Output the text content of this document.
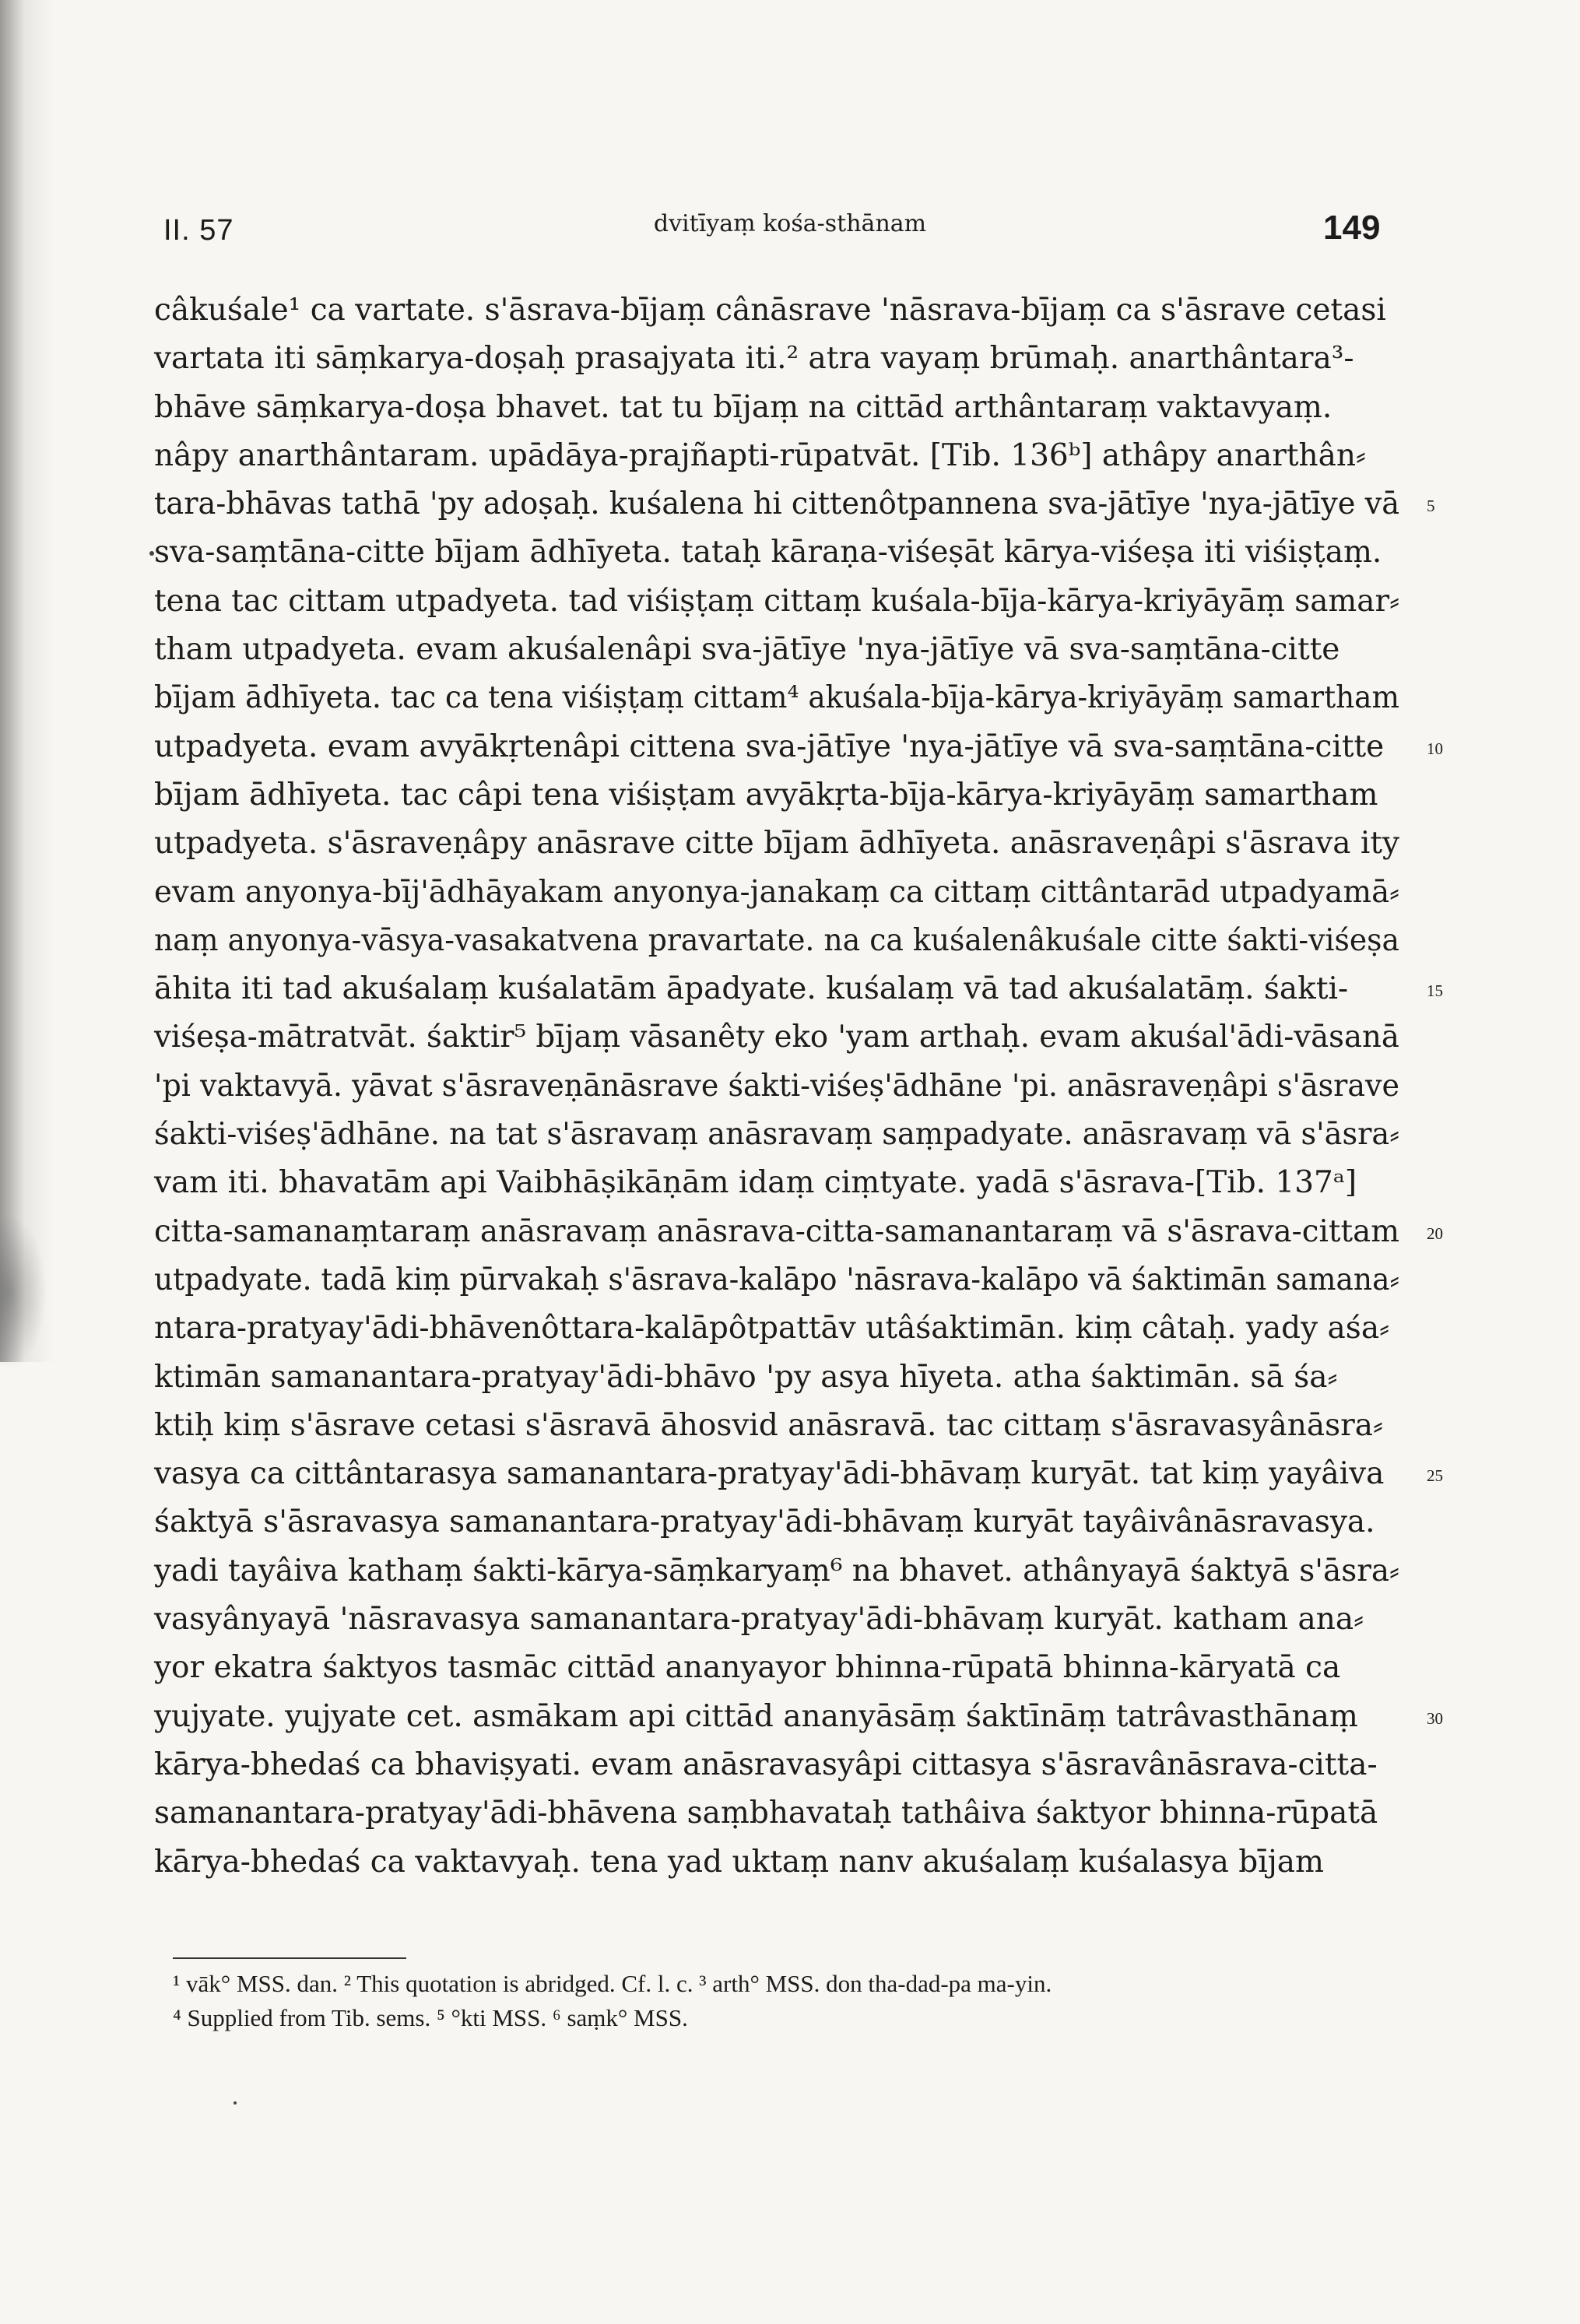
II. 57	dvitīyaṃ kośa-sthānam	149
câkuśale¹ ca vartate. s'āsrava-bījaṃ cânāsrave 'nāsrava-bījaṃ ca s'āsrave cetasi
vartata iti sāṃkarya-doṣaḥ prasajyata iti.² atra vayaṃ brūmaḥ. anarthântara³-
bhāve sāṃkarya-doṣa bhavet. tat tu bījaṃ na cittād arthântaraṃ vaktavyaṃ.
nâpy anarthântaram. upādāya-prajñapti-rūpatvāt. [Tib. 136ᵇ] athâpy anarthân⸗
tara-bhāvas tathā 'py adoṣaḥ. kuśalena hi cittenôtpannena sva-jātīye 'nya-jātīye vā 5
sva-saṃtāna-citte bījam ādhīyeta. tataḥ kāraṇa-viśeṣāt kārya-viśeṣa iti viśiṣṭaṃ.
tena tac cittam utpadyeta. tad viśiṣṭaṃ cittaṃ kuśala-bīja-kārya-kriyāyāṃ samar⸗
tham utpadyeta. evam akuśalenâpi sva-jātīye 'nya-jātīye vā sva-saṃtāna-citte
bījam ādhīyeta. tac ca tena viśiṣṭaṃ cittam⁴ akuśala-bīja-kārya-kriyāyāṃ samartham
utpadyeta. evam avyākṛtenâpi cittena sva-jātīye 'nya-jātīye vā sva-saṃtāna-citte	10
bījam ādhīyeta. tac câpi tena viśiṣṭam avyākṛta-bīja-kārya-kriyāyāṃ samartham
utpadyeta. s'āsraveṇâpy anāsrave citte bījam ādhīyeta. anāsraveṇâpi s'āsrava ity
evam anyonya-bīj'ādhāyakam anyonya-janakaṃ ca cittaṃ cittântarād utpadyamā⸗
naṃ anyonya-vāsya-vasakatvena pravartate. na ca kuśalenâkuśale citte śakti-viśeṣa
āhita iti tad akuśalaṃ kuśalatām āpadyate. kuśalaṃ vā tad akuśalatāṃ. śakti-	15
viśeṣa-mātratvāt. śaktir⁵ bījaṃ vāsanêty eko 'yam arthaḥ. evam akuśal'ādi-vāsanā
'pi vaktavyā. yāvat s'āsraveṇānāsrave śakti-viśeṣ'ādhāne 'pi. anāsraveṇâpi s'āsrave
śakti-viśeṣ'ādhāne. na tat s'āsravaṃ anāsravaṃ saṃpadyate. anāsravaṃ vā s'āsra⸗
vam iti. bhavatām api Vaibhāṣikāṇām idaṃ ciṃtyate. yadā s'āsrava-[Tib. 137ᵃ]
citta-samanaṃtaraṃ anāsravaṃ anāsrava-citta-samanantaraṃ vā s'āsrava-cittam 20
utpadyate. tadā kiṃ pūrvakaḥ s'āsrava-kalāpo 'nāsrava-kalāpo vā śaktimān samana⸗
ntara-pratyay'ādi-bhāvenôttara-kalāpôtpattāv utâśaktimān. kiṃ câtaḥ. yady aśa⸗
ktimān samanantara-pratyay'ādi-bhāvo 'py asya hīyeta. atha śaktimān. sā śa⸗
ktiḥ kiṃ s'āsrave cetasi s'āsravā āhosvid anāsravā. tac cittaṃ s'āsravasyânāsra⸗
vasya ca cittântarasya samanantara-pratyay'ādi-bhāvaṃ kuryāt. tat kiṃ yayâiva	25
śaktyā s'āsravasya samanantara-pratyay'ādi-bhāvaṃ kuryāt tayâivânāsravasya.
yadi tayâiva kathaṃ śakti-kārya-sāṃkaryaṃ⁶ na bhavet. athânyayā śaktyā s'āsra⸗
vasyânyayā 'nāsravasya samanantara-pratyay'ādi-bhāvaṃ kuryāt. katham ana⸗
yor ekatra śaktyos tasmāc cittād ananyayor bhinna-rūpatā bhinna-kāryatā ca
yujyate. yujyate cet. asmākam api cittād ananyāsāṃ śaktīnāṃ tatrâvasthānaṃ	30
kārya-bhedaś ca bhaviṣyati. evam anāsravasyâpi cittasya s'āsravânāsrava-citta-
samanantara-pratyay'ādi-bhāvena saṃbhavataḥ tathâiva śaktyor bhinna-rūpatā
kārya-bhedaś ca vaktavyaḥ. tena yad uktaṃ nanv akuśalaṃ kuśalasya bījam
¹ vāk° MSS. dan. ² This quotation is abridged. Cf. l. c. ³ arth° MSS. don tha-dad-pa ma-yin.
⁴ Supplied from Tib. sems. ⁵ °kti MSS. ⁶ saṃk° MSS.
